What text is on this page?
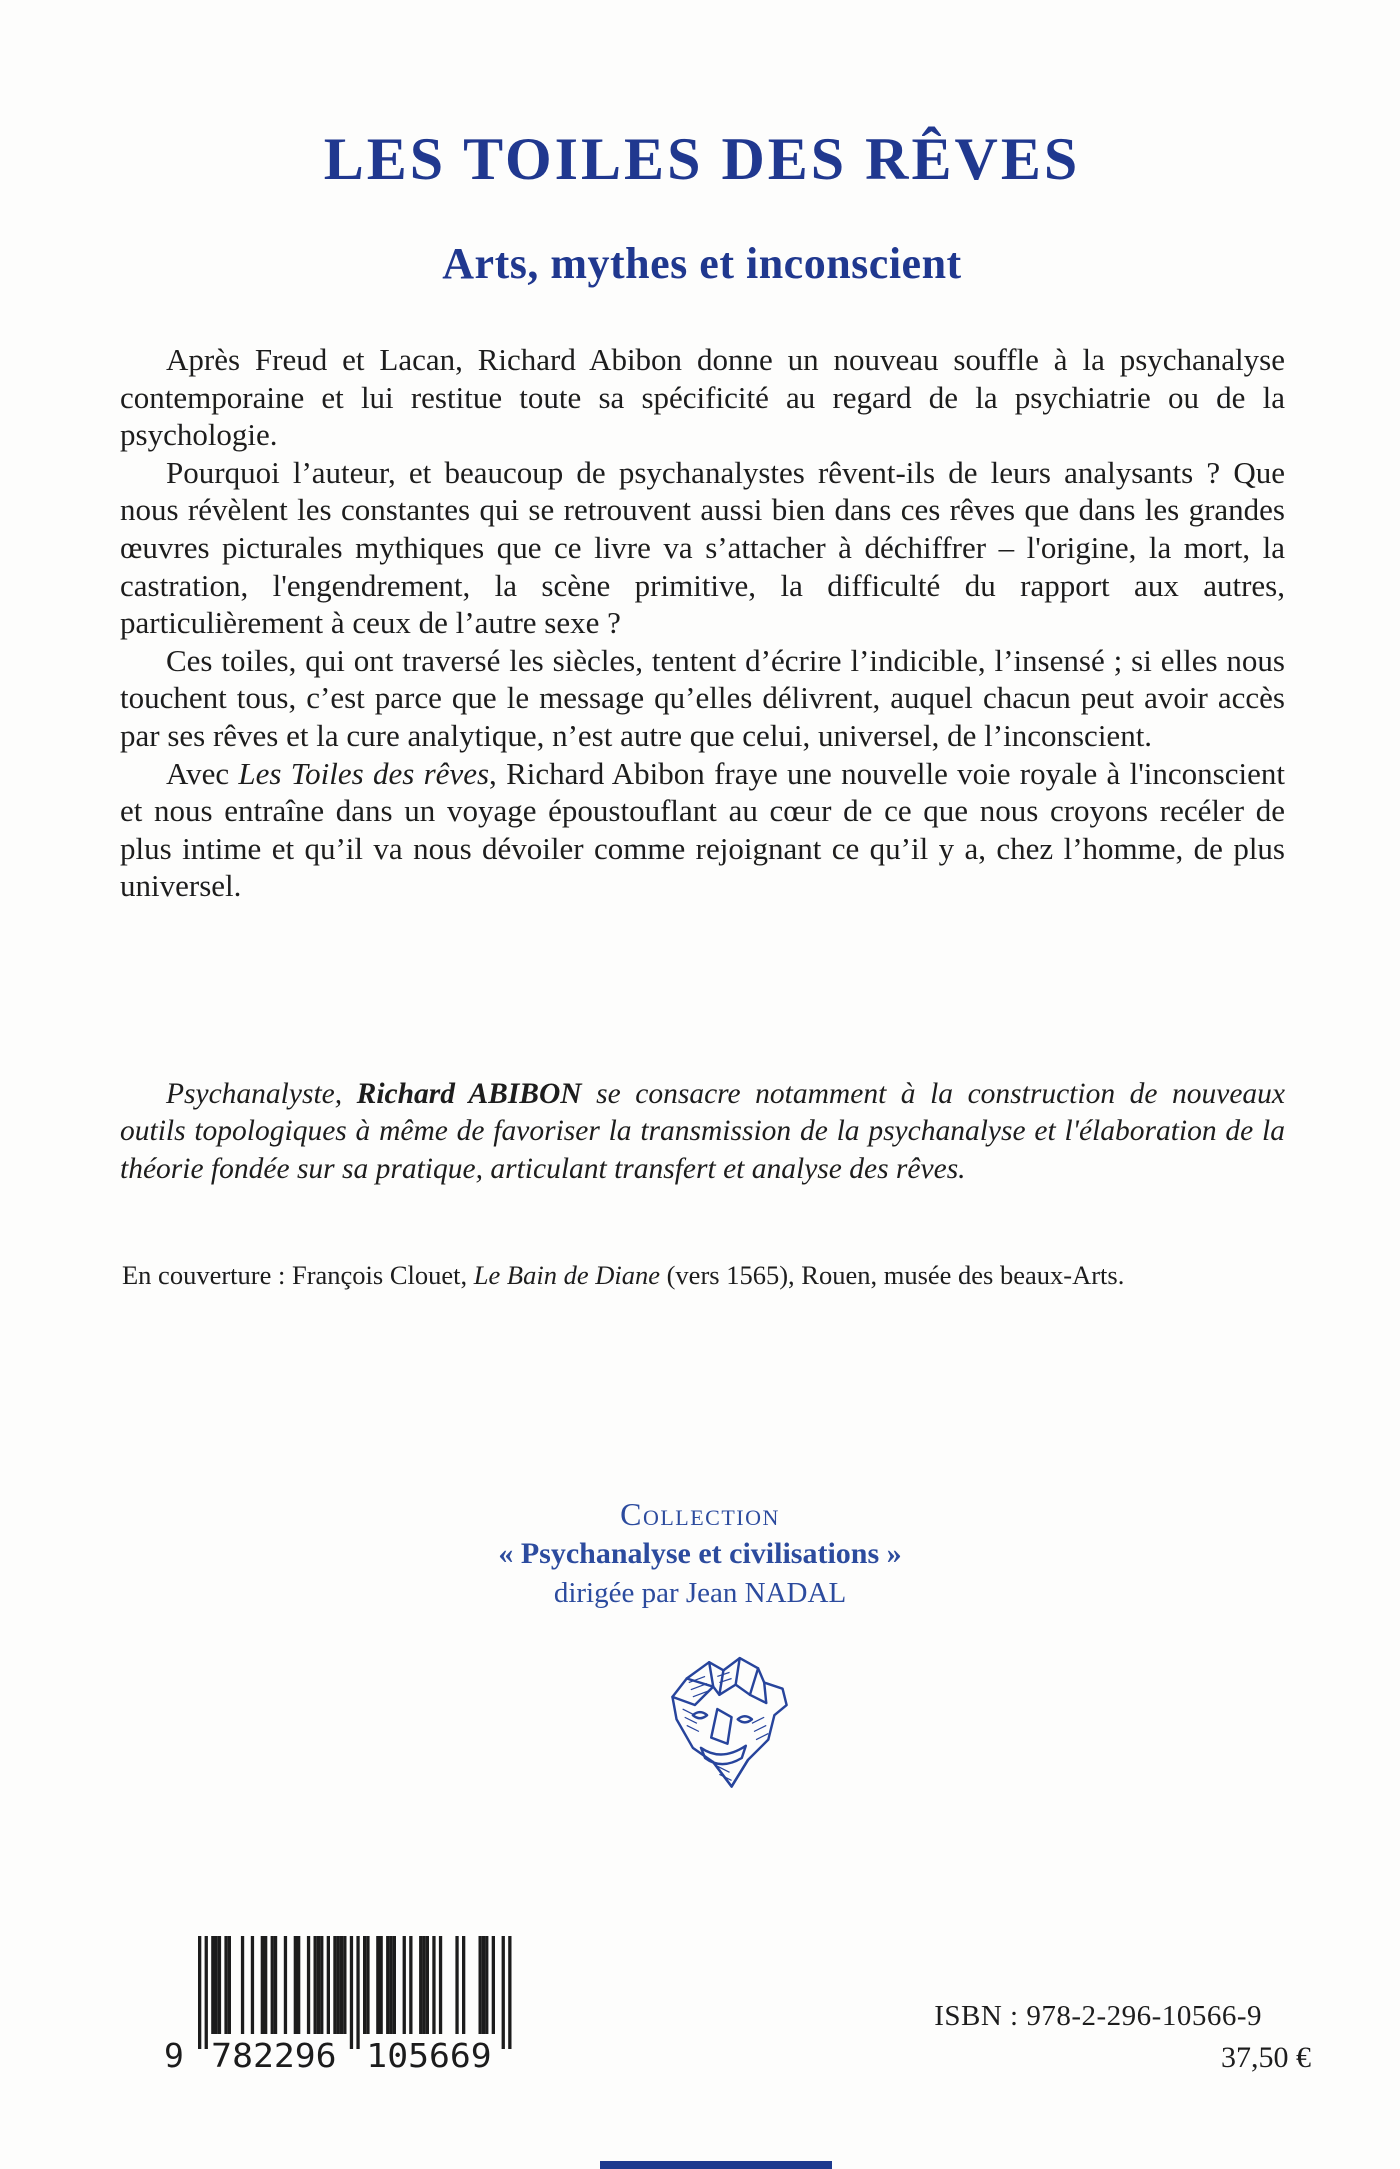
LES TOILES DES RÊVES
Arts, mythes et inconscient

Après Freud et Lacan, Richard Abibon donne un nouveau souffle à la psychanalyse contemporaine et lui restitue toute sa spécificité au regard de la psychiatrie ou de la psychologie.

Pourquoi l’auteur, et beaucoup de psychanalystes rêvent-ils de leurs analysants ? Que nous révèlent les constantes qui se retrouvent aussi bien dans ces rêves que dans les grandes œuvres picturales mythiques que ce livre va s’attacher à déchiffrer – l'origine, la mort, la castration, l'engendrement, la scène primitive, la difficulté du rapport aux autres, particulièrement à ceux de l’autre sexe ?

Ces toiles, qui ont traversé les siècles, tentent d’écrire l’indicible, l’insensé ; si elles nous touchent tous, c’est parce que le message qu’elles délivrent, auquel chacun peut avoir accès par ses rêves et la cure analytique, n’est autre que celui, universel, de l’inconscient.

Avec Les Toiles des rêves, Richard Abibon fraye une nouvelle voie royale à l'inconscient et nous entraîne dans un voyage époustouflant au cœur de ce que nous croyons recéler de plus intime et qu’il va nous dévoiler comme rejoignant ce qu’il y a, chez l’homme, de plus universel.

Psychanalyste, Richard ABIBON se consacre notamment à la construction de nouveaux outils topologiques à même de favoriser la transmission de la psychanalyse et l'élaboration de la théorie fondée sur sa pratique, articulant transfert et analyse des rêves.

En couverture : François Clouet, Le Bain de Diane (vers 1565), Rouen, musée des beaux-Arts.
Collection
« Psychanalyse et civilisations »
dirigée par Jean NADAL
9 782296 105669
ISBN : 978-2-296-10566-9
37,50 €
